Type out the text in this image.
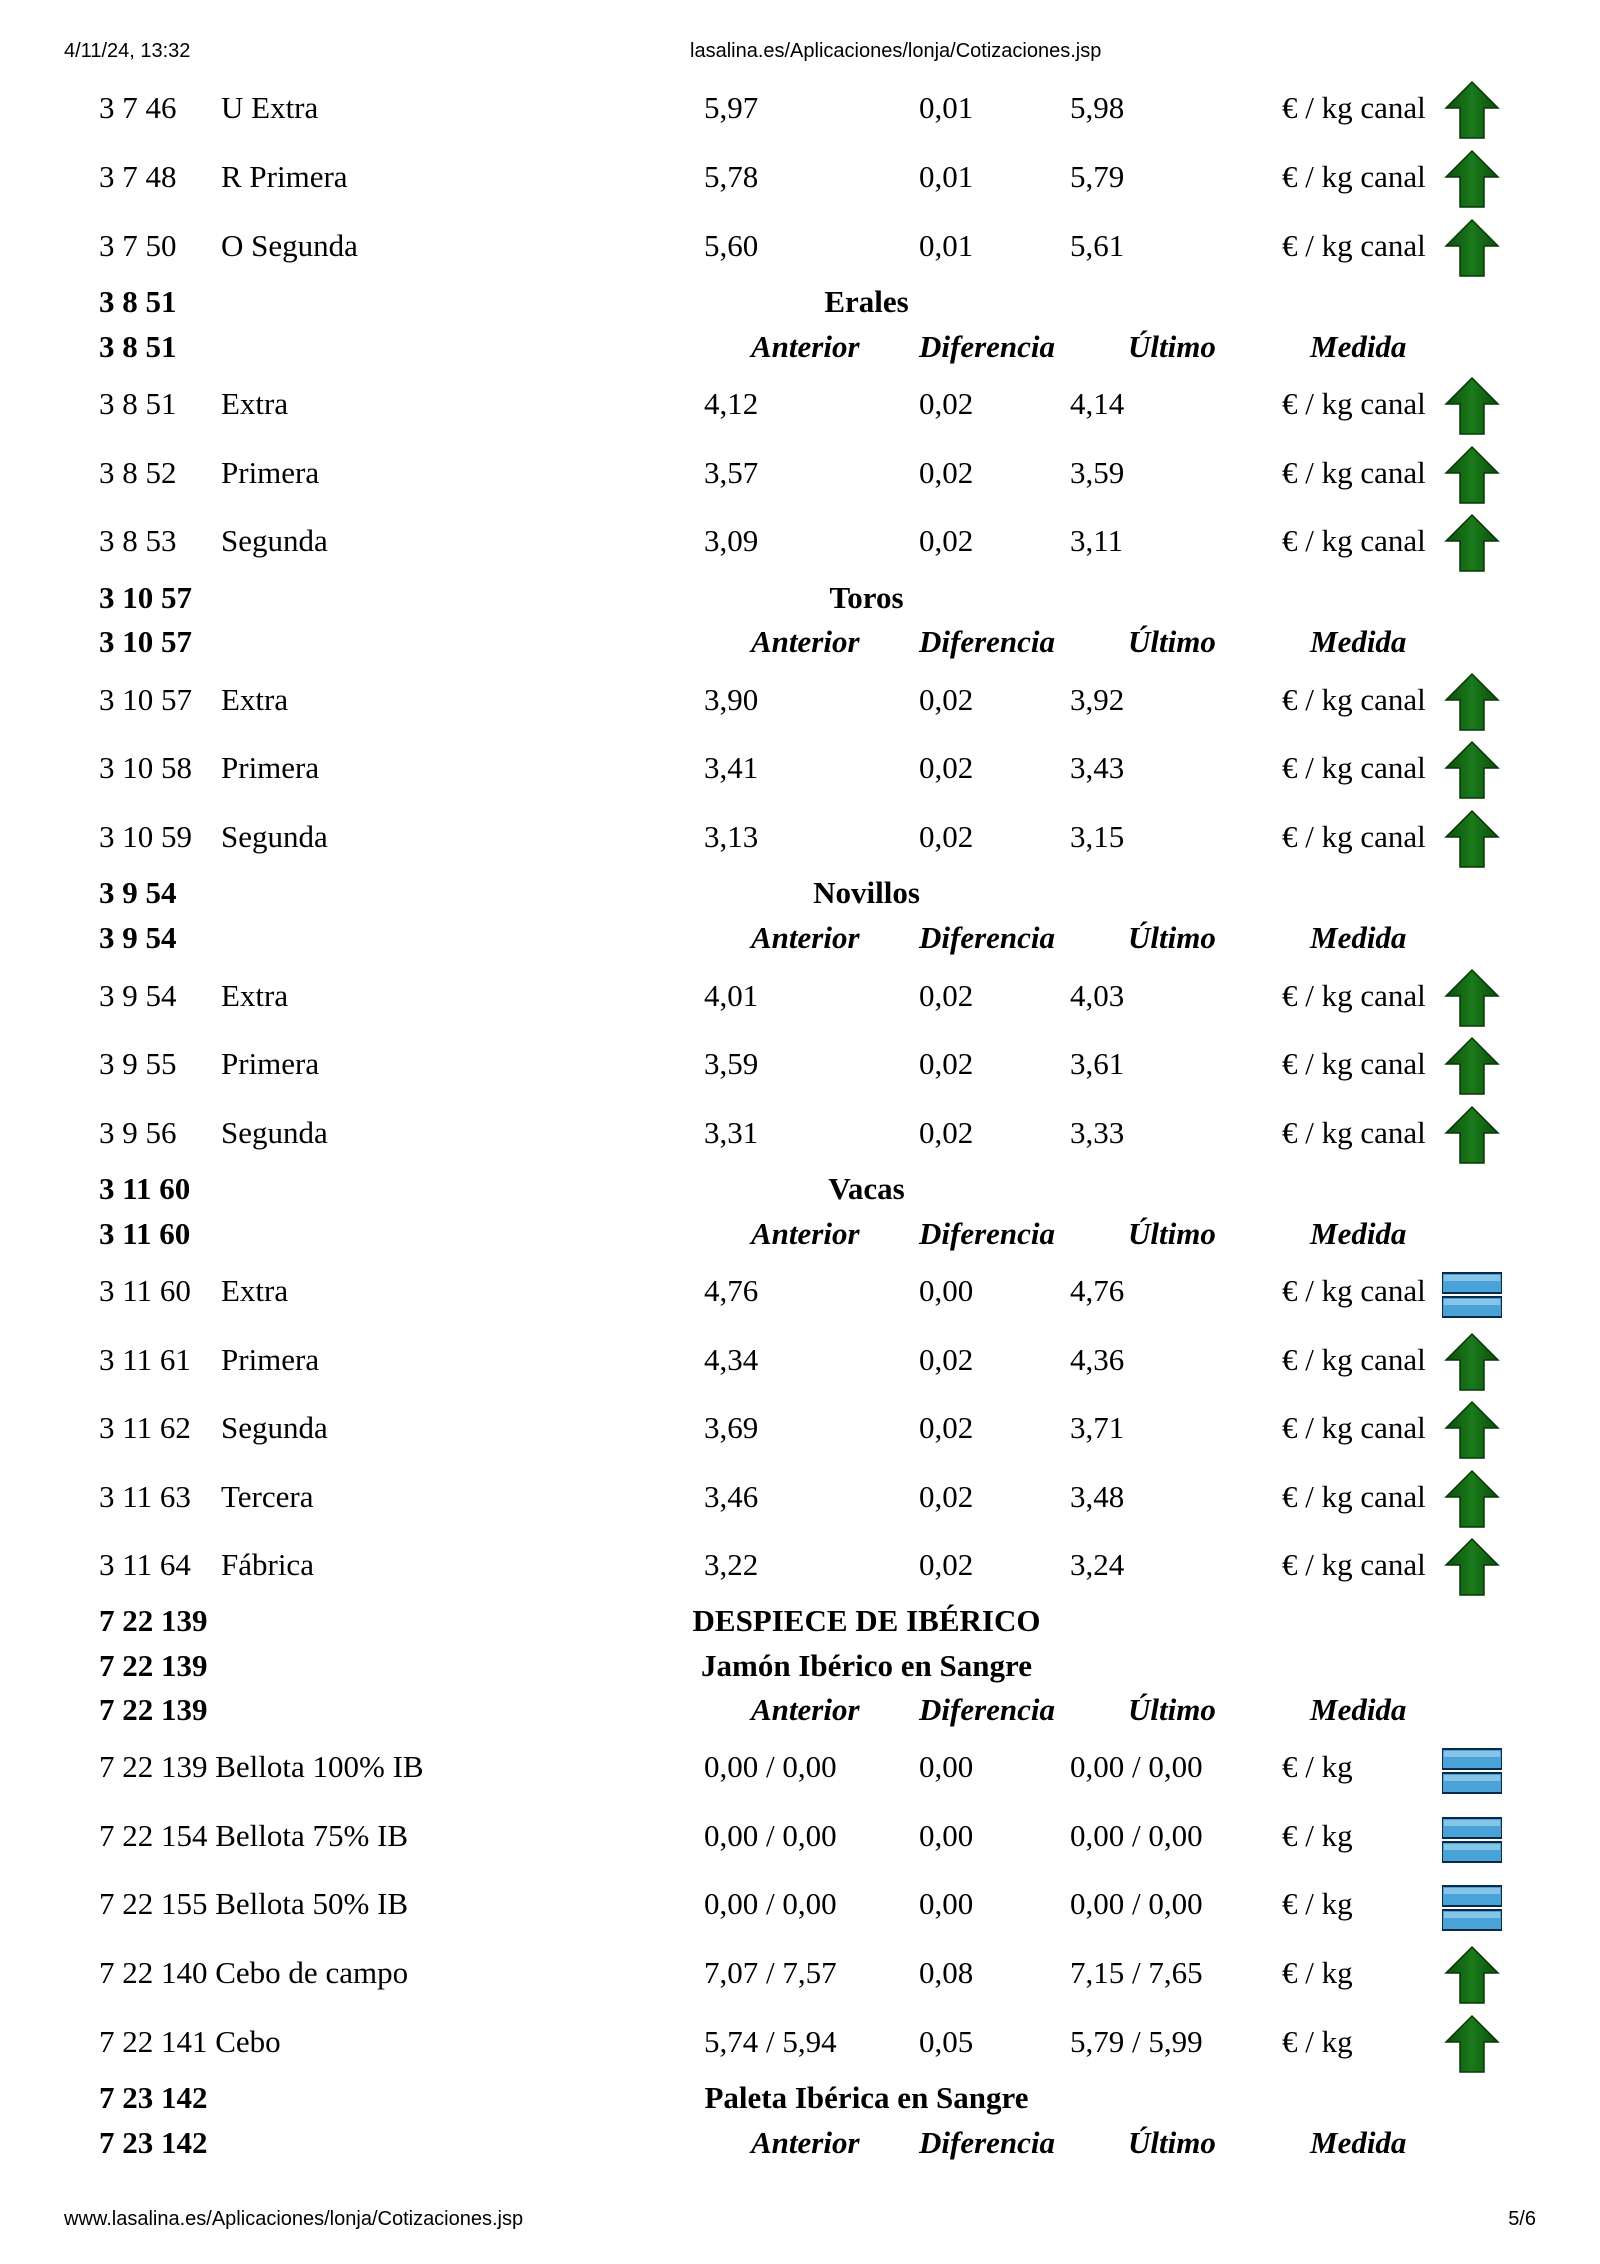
4/11/24, 13:32	lasalina.es/Aplicaciones/lonja/Cotizaciones.jsp
3 7 46 U Extra	5,97	0,01	5,98	€ / kg canal
3 7 48 R Primera	5,78	0,01	5,79	€ / kg canal
3 7 50 O Segunda	5,60	0,01	5,61	€ / kg canal
3 8 51	Erales
3 8 51	Anterior Diferencia Último	Medida
3 8 51 Extra	4,12	0,02	4,14	€ / kg canal
3 8 52 Primera	3,57	0,02	3,59	€ / kg canal
3 8 53 Segunda	3,09	0,02	3,11	€ / kg canal
3 10 57	Toros
3 10 57	Anterior Diferencia Último	Medida
3 10 57 Extra	3,90	0,02	3,92	€ / kg canal
3 10 58 Primera	3,41	0,02	3,43	€ / kg canal
3 10 59 Segunda	3,13	0,02	3,15	€ / kg canal
3 9 54	Novillos
3 9 54	Anterior Diferencia Último	Medida
3 9 54 Extra	4,01	0,02	4,03	€ / kg canal
3 9 55 Primera	3,59	0,02	3,61	€ / kg canal
3 9 56 Segunda	3,31	0,02	3,33	€ / kg canal
3 11 60	Vacas
3 11 60	Anterior Diferencia Último	Medida
3 11 60 Extra	4,76	0,00	4,76	€ / kg canal
3 11 61 Primera	4,34	0,02	4,36	€ / kg canal
3 11 62 Segunda	3,69	0,02	3,71	€ / kg canal
3 11 63 Tercera	3,46	0,02	3,48	€ / kg canal
3 11 64 Fábrica	3,22	0,02	3,24	€ / kg canal
7 22 139	DESPIECE DE IBÉRICO
7 22 139	Jamón Ibérico en Sangre
7 22 139	Anterior Diferencia Último	Medida
7 22 139 Bellota 100% IB	0,00 / 0,00	0,00	0,00 / 0,00	€ / kg
7 22 154 Bellota 75% IB	0,00 / 0,00	0,00	0,00 / 0,00	€ / kg
7 22 155 Bellota 50% IB	0,00 / 0,00	0,00	0,00 / 0,00	€ / kg
7 22 140 Cebo de campo	7,07 / 7,57	0,08	7,15 / 7,65	€ / kg
7 22 141 Cebo	5,74 / 5,94	0,05	5,79 / 5,99	€ / kg
7 23 142	Paleta Ibérica en Sangre
7 23 142	Anterior Diferencia Último	Medida
www.lasalina.es/Aplicaciones/lonja/Cotizaciones.jsp	5/6
